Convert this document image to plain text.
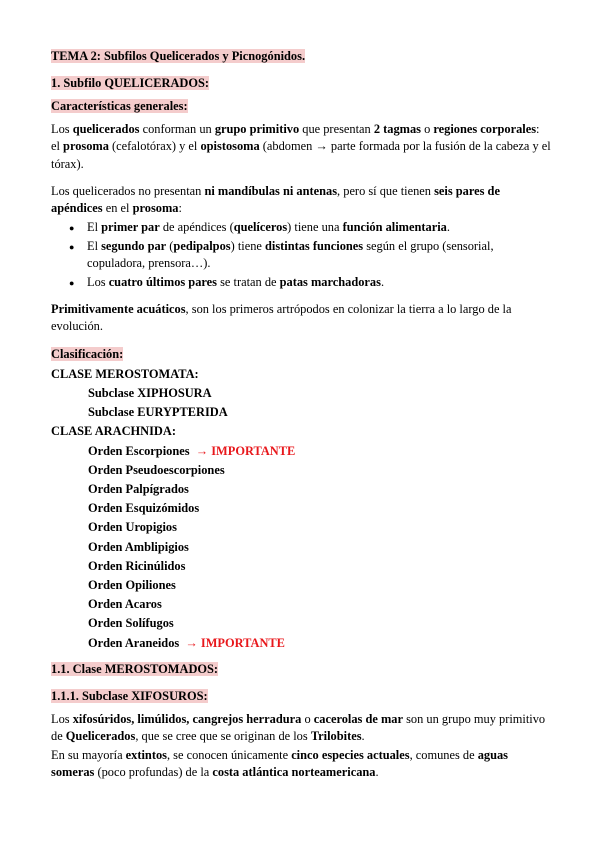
TEMA 2: Subfilos Quelicerados y Picnogónidos.
1. Subfilo QUELICERADOS:
Características generales:

Los quelicerados conforman un grupo primitivo que presentan 2 tagmas o regiones corporales: el prosoma (cefalotórax) y el opistosoma (abdomen → parte formada por la fusión de la cabeza y el tórax).

Los quelicerados no presentan ni mandíbulas ni antenas, pero sí que tienen seis pares de apéndices en el prosoma:

● El primer par de apéndices (quelíceros) tiene una función alimentaria.
● El segundo par (pedipalpos) tiene distintas funciones según el grupo (sensorial, copuladora, prensora…).
● Los cuatro últimos pares se tratan de patas marchadoras.

Primitivamente acuáticos, son los primeros artrópodos en colonizar la tierra a lo largo de la evolución.

Clasificación:
CLASE MEROSTOMATA:
Subclase XIPHOSURA
Subclase EURYPTERIDA
CLASE ARACHNIDA:
Orden Escorpiones → IMPORTANTE
Orden Pseudoescorpiones
Orden Palpígrados
Orden Esquizómidos
Orden Uropigios
Orden Amblipigios
Orden Ricinúlidos
Orden Opiliones
Orden Acaros
Orden Solífugos
Orden Araneidos → IMPORTANTE
1.1. Clase MEROSTOMADOS:
1.1.1. Subclase XIFOSUROS:

Los xifosúridos, limúlidos, cangrejos herradura o cacerolas de mar son un grupo muy primitivo de Quelicerados, que se cree que se originan de los Trilobites.

En su mayoría extintos, se conocen únicamente cinco especies actuales, comunes de aguas someras (poco profundas) de la costa atlántica norteamericana.
